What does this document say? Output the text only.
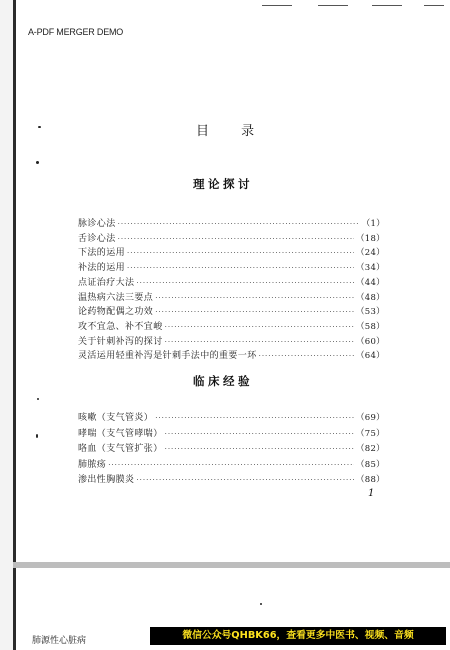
A-PDF MERGER DEMO
目 录
理论探讨
临床经验
脉诊心法 ·····	（1）
舌诊心法 ·····	（18）
下法的运用 ·····	（24）
补法的运用 ·····	（34）
点证治疗大法 ·····	（44）
温热病六法三要点 ·····	（48）
论药物配偶之功效 ·····	（53）
攻不宜急、补不宜峻 ·····	（58）
关于针刺补泻的探讨 ·····	（60）
灵活运用轻重补泻是针刺手法中的重要一环 ·····	（64）
咳嗽（支气管炎） ·····	（69）
哮喘（支气管哮喘） ·····	（75）
咯血（支气管扩张） ·····	（82）
肺脓疡 ·····	（85）
渗出性胸膜炎 ·····	（88）
1
肺源性心脏病	微信公众号QHBK66，查看更多中医书、视频、音频
